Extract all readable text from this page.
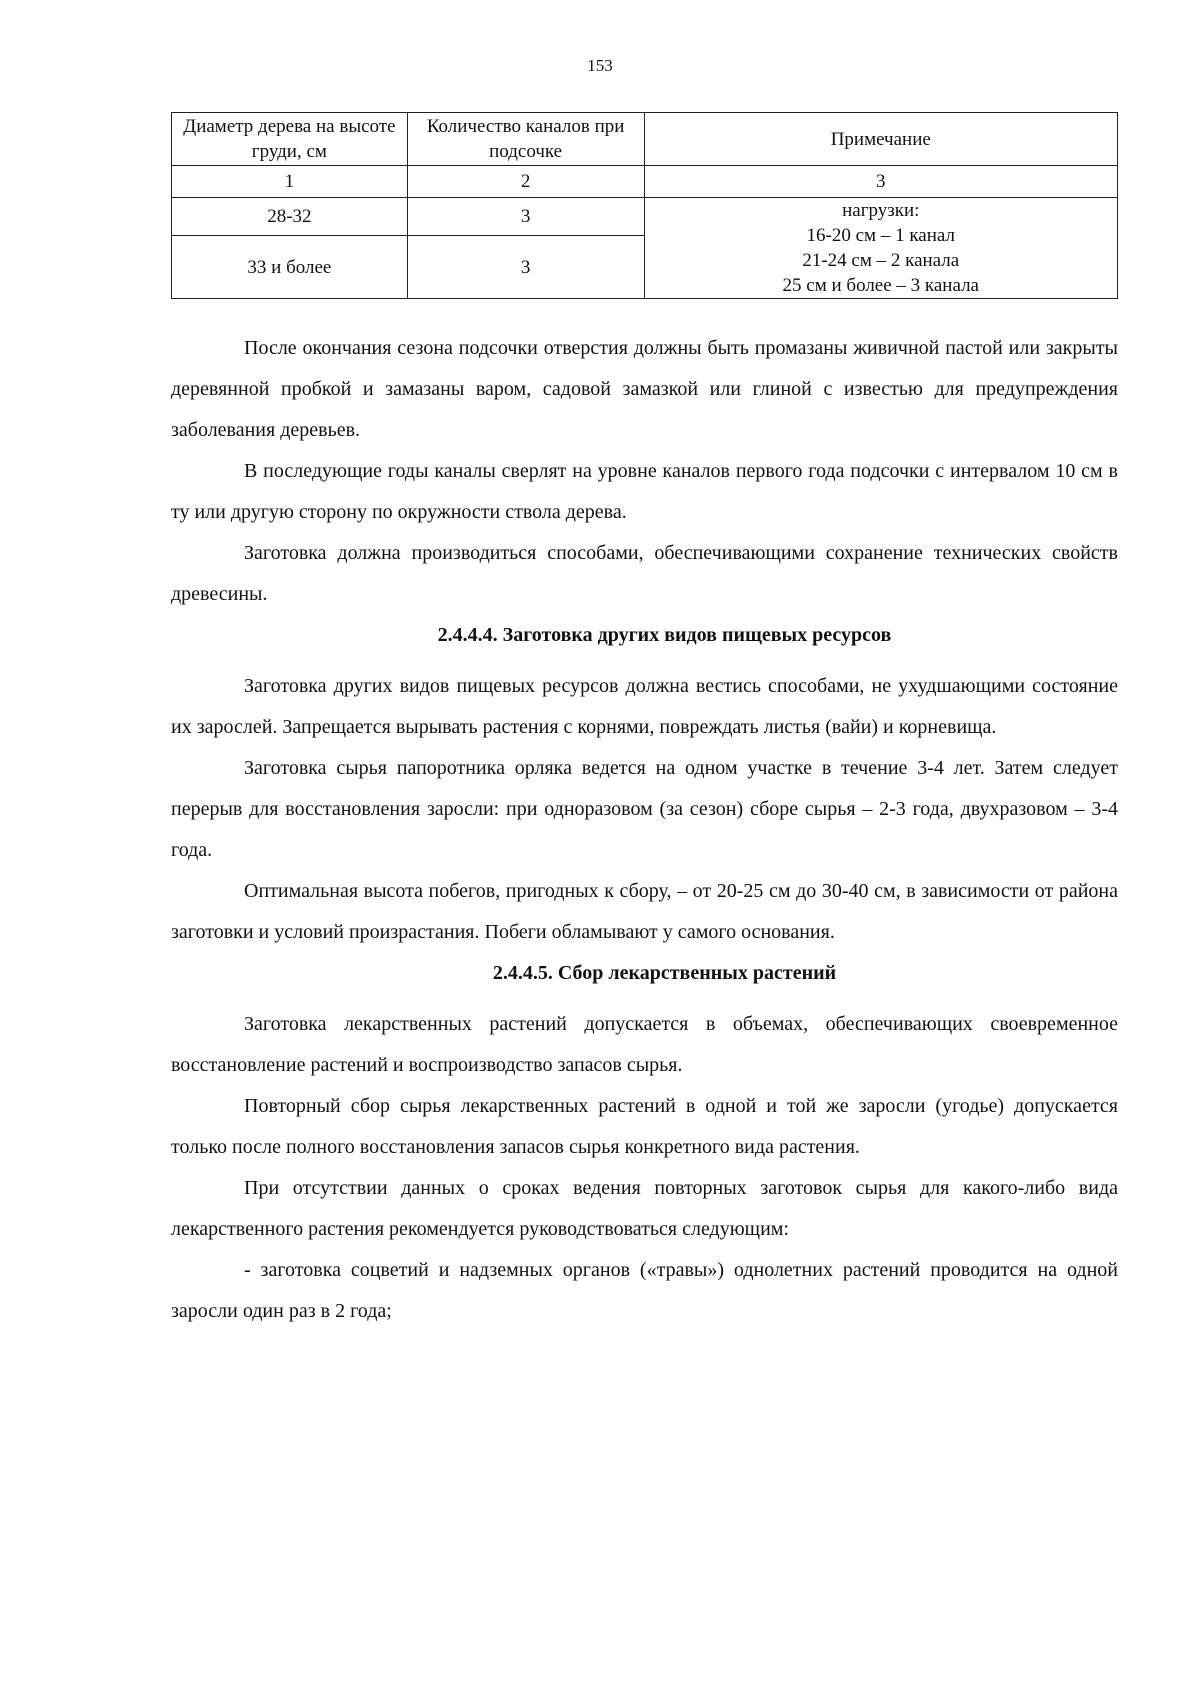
153
Диаметр дерева на высоте груди, см	Количество каналов при подсочке	Примечание
1	2	3
28-32	3	нагрузки:
16-20 см – 1 канал
21-24 см – 2 канала
25 см и более – 3 канала

33 и более	3	

После окончания сезона подсочки отверстия должны быть промазаны живичной пастой или закрыты деревянной пробкой и замазаны варом, садовой замазкой или глиной с известью для предупреждения заболевания деревьев.

В последующие годы каналы сверлят на уровне каналов первого года подсочки с интервалом 10 см в ту или другую сторону по окружности ствола дерева.

Заготовка должна производиться способами, обеспечивающими сохранение технических свойств древесины.

2.4.4.4. Заготовка других видов пищевых ресурсов

Заготовка других видов пищевых ресурсов должна вестись способами, не ухудшающими состояние их зарослей. Запрещается вырывать растения с корнями, повреждать листья (вайи) и корневища.

Заготовка сырья папоротника орляка ведется на одном участке в течение 3-4 лет. Затем следует перерыв для восстановления заросли: при одноразовом (за сезон) сборе сырья – 2-3 года, двухразовом – 3-4 года.

Оптимальная высота побегов, пригодных к сбору, – от 20-25 см до 30-40 см, в зависимости от района заготовки и условий произрастания. Побеги обламывают у самого основания.

2.4.4.5. Сбор лекарственных растений

Заготовка лекарственных растений допускается в объемах, обеспечивающих своевременное восстановление растений и воспроизводство запасов сырья.

Повторный сбор сырья лекарственных растений в одной и той же заросли (угодье) допускается только после полного восстановления запасов сырья конкретного вида растения.

При отсутствии данных о сроках ведения повторных заготовок сырья для какого-либо вида лекарственного растения рекомендуется руководствоваться следующим:

- заготовка соцветий и надземных органов («травы») однолетних растений проводится на одной заросли один раз в 2 года;
